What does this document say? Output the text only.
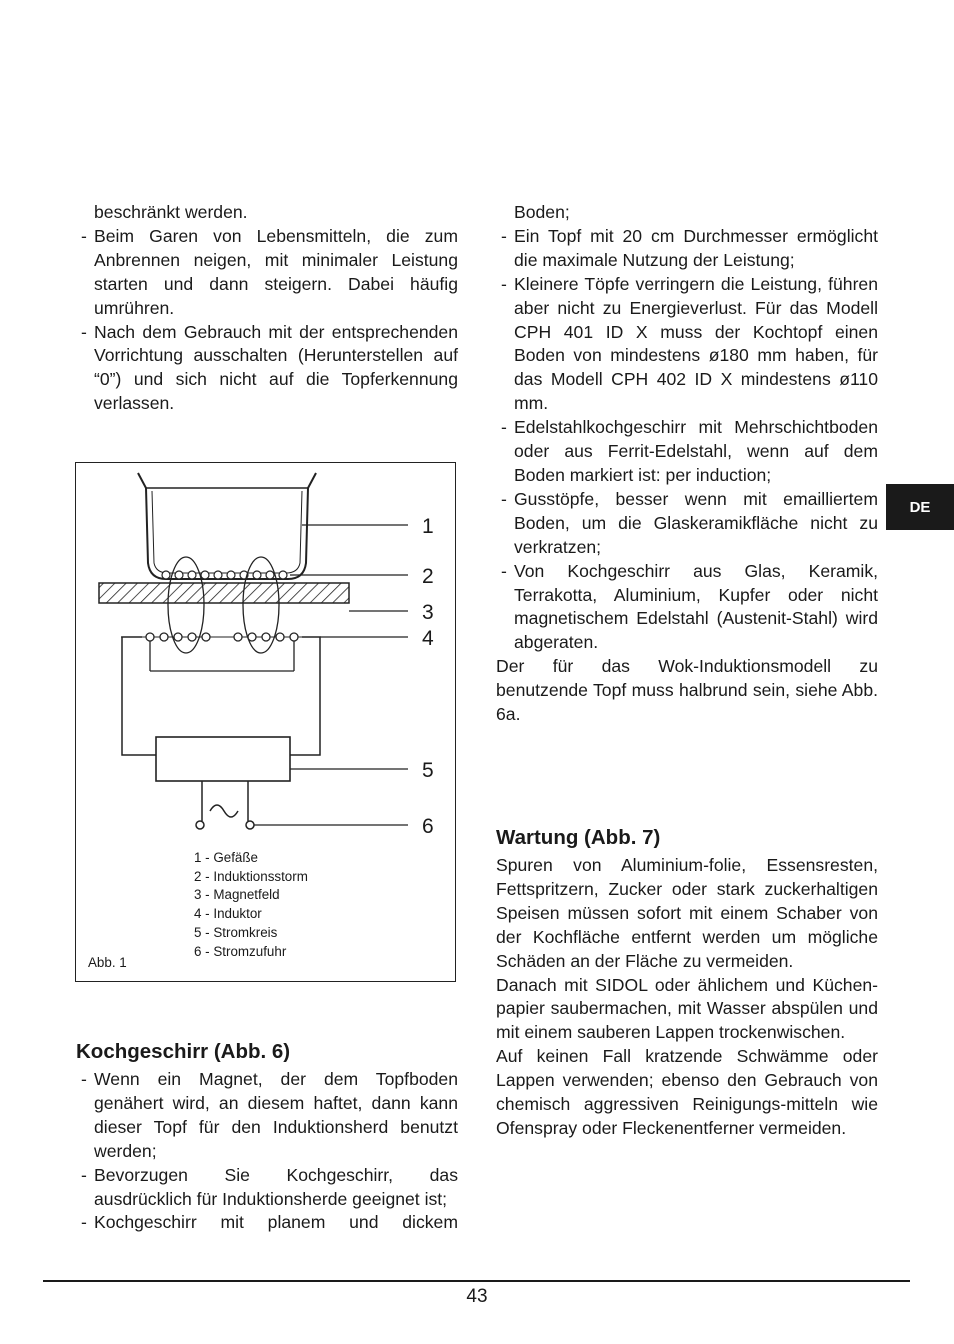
beschränkt werden.

- Beim Garen von Lebensmitteln, die zum Anbrennen neigen, mit minimaler Leistung starten und dann steigern. Dabei häufig umrühren.
- Nach dem Gebrauch mit der entsprechenden Vorrichtung ausschalten (Herunterstellen auf “0”) und sich nicht auf die Topferkennung verlassen.
1
2
3
4
5
6
1 - Gefäße
2 - Induktionsstorm
3 - Magnetfeld
4 - Induktor
5 - Stromkreis
6 - Stromzufuhr
Abb. 1
Kochgeschirr (Abb. 6)
- Wenn ein Magnet, der dem Topfboden genähert wird, an diesem haftet, dann kann dieser Topf für den Induktionsherd benutzt werden;
- Bevorzugen Sie Kochgeschirr, das ausdrücklich für Induktionsherde geeignet ist;
- Kochgeschirr mit planem und dickem

Boden;

- Ein Topf mit 20 cm Durchmesser ermöglicht die maximale Nutzung der Leistung;
- Kleinere Töpfe verringern die Leistung, führen aber nicht zu Energieverlust. Für das Modell CPH 401 ID X muss der Kochtopf einen Boden von mindestens ø180 mm haben, für das Modell CPH 402 ID X mindestens ø110 mm.
- Edelstahlkochgeschirr mit Mehrschichtboden oder aus Ferrit-Edelstahl, wenn auf dem Boden markiert ist: per induction;
- Gusstöpfe, besser wenn mit emailliertem Boden, um die Glaskeramikfläche nicht zu verkratzen;
- Von Kochgeschirr aus Glas, Keramik, Terrakotta, Aluminium, Kupfer oder nicht magnetischem Edelstahl (Austenit-Stahl) wird abgeraten.

Der für das Wok-Induktionsmodell zu benutzende Topf muss halbrund sein, siehe Abb. 6a.

Wartung (Abb. 7)

Spuren von Aluminium-folie, Essensresten, Fettspritzern, Zucker oder stark zuckerhaltigen Speisen müssen sofort mit einem Schaber von der Kochfläche entfernt werden um mögliche Schäden an der Fläche zu vermeiden.

Danach mit SIDOL oder ählichem und Küchen-papier saubermachen, mit Wasser abspülen und mit einem sauberen Lappen trockenwischen.

Auf keinen Fall kratzende Schwämme oder Lappen verwenden; ebenso den Gebrauch von chemisch aggressiven Reinigungs-mitteln wie Ofenspray oder Fleckenentferner vermeiden.

DE
43
